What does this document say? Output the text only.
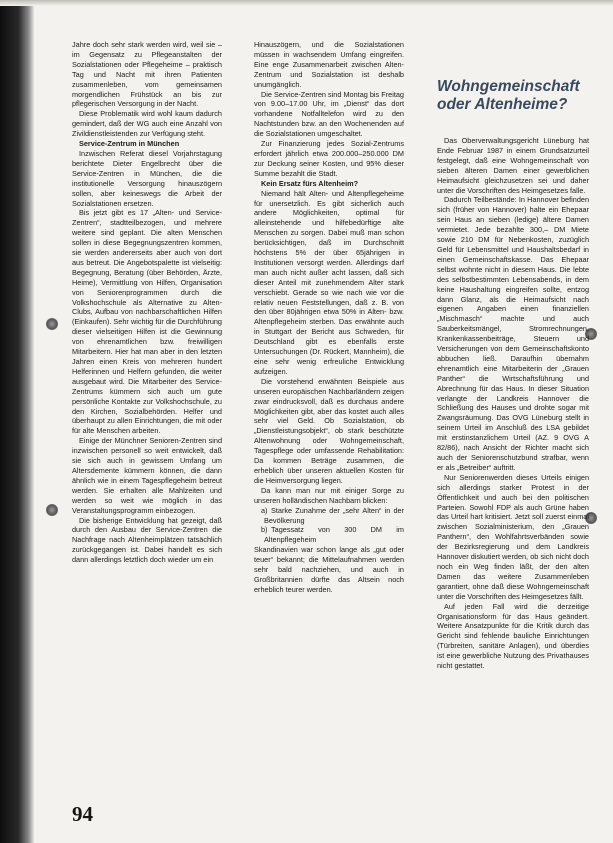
Jahre doch sehr stark werden wird, weil sie – im Gegensatz zu Pflegeanstalten der Sozialstationen oder Pflegeheime – praktisch Tag und Nacht mit ihren Patienten zusammenleben, vom gemeinsamen morgendlichen Frühstück an bis zur pflegerischen Versorgung in der Nacht.

Diese Problematik wird wohl kaum dadurch gemindert, daß der WG auch eine Anzahl von Zivildienstleistenden zur Verfügung steht.

Service-Zentrum in München

Inzwischen Referat diesel Vorjahrstagung berichtete Dieter Engelbrecht über die Service-Zentren in München, die die institutionelle Versorgung hinauszögern sollen, aber keineswegs die Arbeit der Sozialstationen ersetzen.

Bis jetzt gibt es 17 „Alten- und Service-Zentren“, stadtteilbezogen, und mehrere weitere sind geplant. Die alten Menschen sollen in diese Begegnungszentren kommen, sie werden andererseits aber auch von dort aus betreut. Die Angebotspalette ist vielseitig: Begegnung, Beratung (über Behörden, Ärzte, Heime), Vermittlung von Hilfen, Organisation von Seniorenprogrammen durch die Volkshochschule als Alternative zu Alten-Clubs, Aufbau von nachbarschaftlichen Hilfen (Einkaufen). Sehr wichtig für die Durchführung dieser vielseitigen Hilfen ist die Gewinnung von ehrenamtlichen bzw. freiwilligen Mitarbeitern. Hier hat man aber in den letzten Jahren einen Kreis von mehreren hundert Helferinnen und Helfern gefunden, die weiter ausgebaut wird. Die Mitarbeiter des Service-Zentrums kümmern sich auch um gute persönliche Kontakte zur Volkshochschule, zu den Kirchen, Sozialbehörden. Helfer und überhaupt zu allen Einrichtungen, die mit oder für alte Menschen arbeiten.

Einige der Münchner Senioren-Zentren sind inzwischen personell so weit entwickelt, daß sie sich auch in gewissem Umfang um Altersdemente kümmern können, die dann ähnlich wie in einem Tagespflegeheim betreut werden. Sie erhalten alle Mahlzeiten und werden so weit wie möglich in das Veranstaltungsprogramm einbezogen.

Die bisherige Entwicklung hat gezeigt, daß durch den Ausbau der Service-Zentren die Nachfrage nach Altenheimplätzen tatsächlich zurückgegangen ist. Dabei handelt es sich dann allerdings letztlich doch wieder um ein

Hinauszögern, und die Sozialstationen müssen in wachsendem Umfang eingreifen. Eine enge Zusammenarbeit zwischen Alten-Zentrum und Sozialstation ist deshalb unumgänglich.

Die Service-Zentren sind Montag bis Freitag von 9.00–17.00 Uhr, im „Dienst“ das dort vorhandene Notfalltelefon wird zu den Nachtstunden bzw. an den Wochenenden auf die Sozialstationen umgeschaltet.

Zur Finanzierung jedes Sozial-Zentrums erfordert jährlich etwa 200.000–250.000 DM zur Deckung seiner Kosten, und 95% dieser Summe bezahlt die Stadt.

Kein Ersatz fürs Altenheim?

Niemand hält Alten- und Altenpflegeheime für unersetzlich. Es gibt sicherlich auch andere Möglichkeiten, optimal für alleinstehende und hilfebedürftige alte Menschen zu sorgen. Dabei muß man schon berücksichtigen, daß im Durchschnitt höchstens 5% der über 65jährigen in Institutionen versorgt werden. Allerdings darf man auch nicht außer acht lassen, daß sich dieser Anteil mit zunehmendem Alter stark verschiebt. Gerade so wie nach wie vor die relativ neuen Feststellungen, daß z. B. von den über 80jährigen etwa 50% in Alten- bzw. Altenpflegeheim sterben. Das erwähnte auch in Stuttgart der Bericht aus Schweden, für Deutschland gibt es ebenfalls erste Untersuchungen (Dr. Rückert, Mannheim), die eine sehr wenig erfreuliche Entwicklung aufzeigen.

Die vorstehend erwähnten Beispiele aus unseren europäischen Nachbarländern zeigen zwar eindrucksvoll, daß es durchaus andere Möglichkeiten gibt, aber das kostet auch alles sehr viel Geld. Ob Sozialstation, ob „Dienstleistungsobjekt“, ob stark beschützte Altenwohnung oder Wohngemeinschaft, Tagespflege oder umfassende Rehabilitation: Da kommen Beträge zusammen, die erheblich über unseren aktuellen Kosten für die Heimversorgung liegen.

Da kann man nur mit einiger Sorge zu unseren holländischen Nachbarn blicken:

a) Starke Zunahme der „sehr Alten“ in der Bevölkerung

b) Tagessatz von 300 DM im Altenpflegeheim

Skandinavien war schon lange als „gut oder teuer“ bekannt; die Mittelaufnahmen werden sehr bald nachziehen, und auch in Großbritannien dürfte das Altsein noch erheblich teurer werden.

Wohngemeinschaft oder Altenheime?

Das Oberverwaltungsgericht Lüneburg hat Ende Februar 1987 in einem Grundsatzurteil festgelegt, daß eine Wohngemeinschaft von sieben älteren Damen einer gewerblichen Heimaufsicht gleichzusetzen sei und daher unter die Vorschriften des Heimgesetzes falle.

Dadurch Teilbestände: In Hannover befinden sich (früher von Hannover) halte ein Ehepaar sein Haus an sieben (ledige) ältere Damen vermietet. Jede bezahlte 300,– DM Miete sowie 210 DM für Nebenkosten, zuzüglich Geld für Lebensmittel und Haushaltsbedarf in einen Gemeinschaftskasse. Das Ehepaar selbst wohnte nicht in diesem Haus. Die lebte des selbstbestimmten Lebensabends, in dem keine Haushaltung eingreifen sollte, entzog dann Glanz, als die Heimaufsicht nach eigenen Angaben einen finanziellen „Mischmasch“ machte und auch Sauberkeitsmängel, Stromrechnungen, Krankenkassenbeiträge, Steuern und Versicherungen von dem Gemeinschaftskonto abbuchen ließ. Daraufhin übernahm ehrenamtlich eine Mitarbeiterin der „Grauen Panther“ die Wirtschaftsführung und Abrechnung für das Haus. In dieser Situation verlangte der Landkreis Hannover die Schließung des Hauses und drohte sogar mit Zwangsräumung. Das OVG Lüneburg stellt in seinem Urteil im Anschluß des LSA gebildet mit erstinstanzlichem Urteil (AZ. 9 OVG A 82/86), nach Ansicht der Richter macht sich auch der Seniorenschutzbund strafbar, wenn er als „Betreiber“ auftritt.

Nur Seniorenwerden dieses Urteils einigen sich allerdings starker Protest in der Öffentlichkeit und auch bei den politischen Parteien. Sowohl FDP als auch Grüne haben das Urteil hart kritisiert. Jetzt soll zuerst einmal zwischen Sozialministerium, den „Grauen Panthern“, den Wohlfahrtsverbänden sowie der Bezirksregierung und dem Landkreis Hannover diskutiert werden, ob sich nicht doch noch ein Weg finden läßt, der den alten Damen das weitere Zusammenleben garantiert, ohne daß diese Wohngemeinschaft unter die Vorschriften des Heimgesetzes fällt.

Auf jeden Fall wird die derzeitige Organisationsform für das Haus geändert. Weitere Ansatzpunkte für die Kritik durch das Gericht sind fehlende bauliche Einrichtungen (Türbreiten, sanitäre Anlagen), und überdies ist eine gewerbliche Nutzung des Privathauses nicht gestattet.

94
